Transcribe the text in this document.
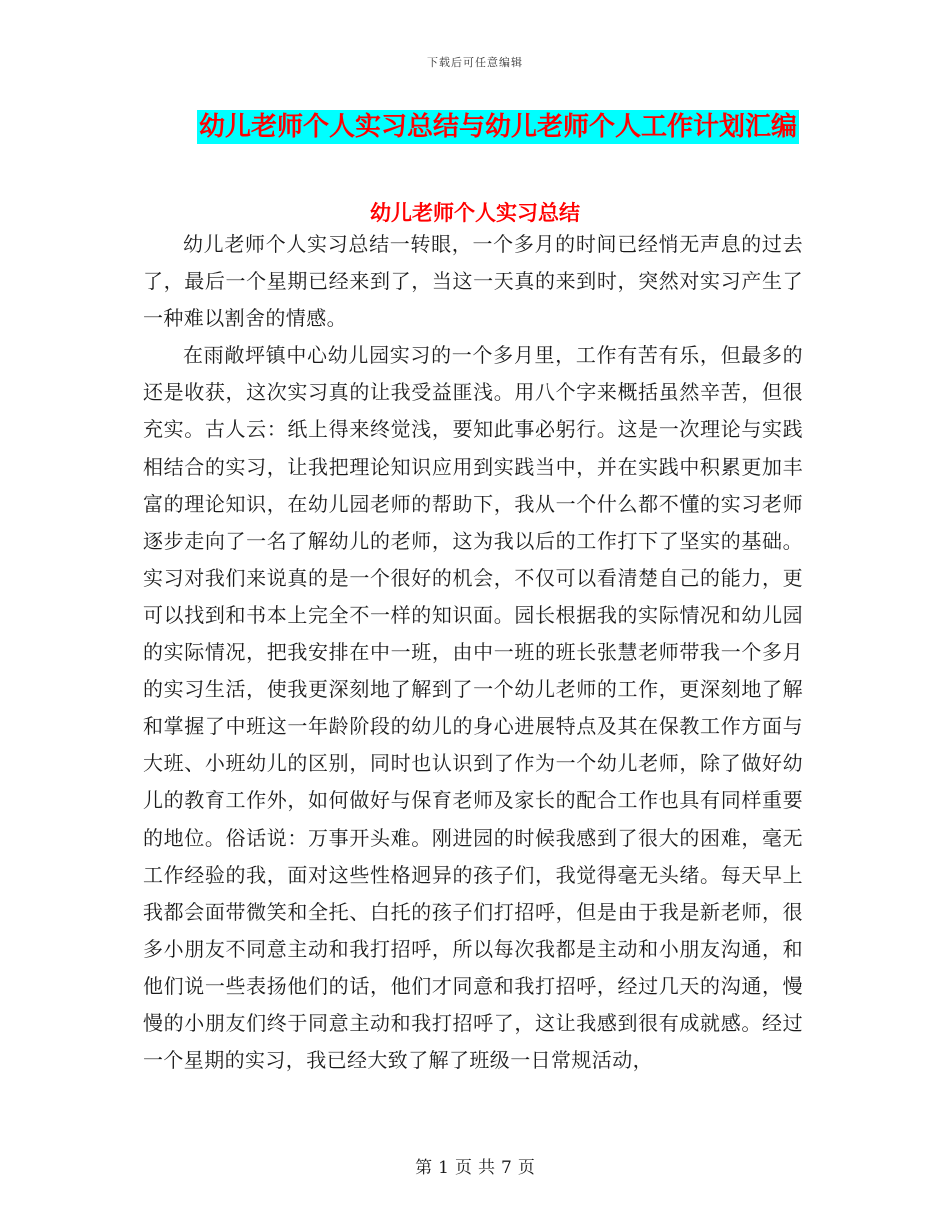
下载后可任意编辑
幼儿老师个人实习总结与幼儿老师个人工作计划汇编
幼儿老师个人实习总结

幼儿老师个人实习总结一转眼，一个多月的时间已经悄无声息的过去了，最后一个星期已经来到了，当这一天真的来到时，突然对实习产生了一种难以割舍的情感。

在雨敞坪镇中心幼儿园实习的一个多月里，工作有苦有乐，但最多的还是收获，这次实习真的让我受益匪浅。用八个字来概括虽然辛苦，但很充实。古人云：纸上得来终觉浅，要知此事必躬行。这是一次理论与实践相结合的实习，让我把理论知识应用到实践当中，并在实践中积累更加丰富的理论知识，在幼儿园老师的帮助下，我从一个什么都不懂的实习老师逐步走向了一名了解幼儿的老师，这为我以后的工作打下了坚实的基础。实习对我们来说真的是一个很好的机会，不仅可以看清楚自己的能力，更可以找到和书本上完全不一样的知识面。园长根据我的实际情况和幼儿园的实际情况，把我安排在中一班，由中一班的班长张慧老师带我一个多月的实习生活，使我更深刻地了解到了一个幼儿老师的工作，更深刻地了解和掌握了中班这一年龄阶段的幼儿的身心进展特点及其在保教工作方面与大班、小班幼儿的区别，同时也认识到了作为一个幼儿老师，除了做好幼儿的教育工作外，如何做好与保育老师及家长的配合工作也具有同样重要的地位。俗话说：万事开头难。刚进园的时候我感到了很大的困难，毫无工作经验的我，面对这些性格迥异的孩子们，我觉得毫无头绪。每天早上我都会面带微笑和全托、白托的孩子们打招呼，但是由于我是新老师，很多小朋友不同意主动和我打招呼，所以每次我都是主动和小朋友沟通，和他们说一些表扬他们的话，他们才同意和我打招呼，经过几天的沟通，慢慢的小朋友们终于同意主动和我打招呼了，这让我感到很有成就感。经过一个星期的实习，我已经大致了解了班级一日常规活动，

第 1 页 共 7 页
